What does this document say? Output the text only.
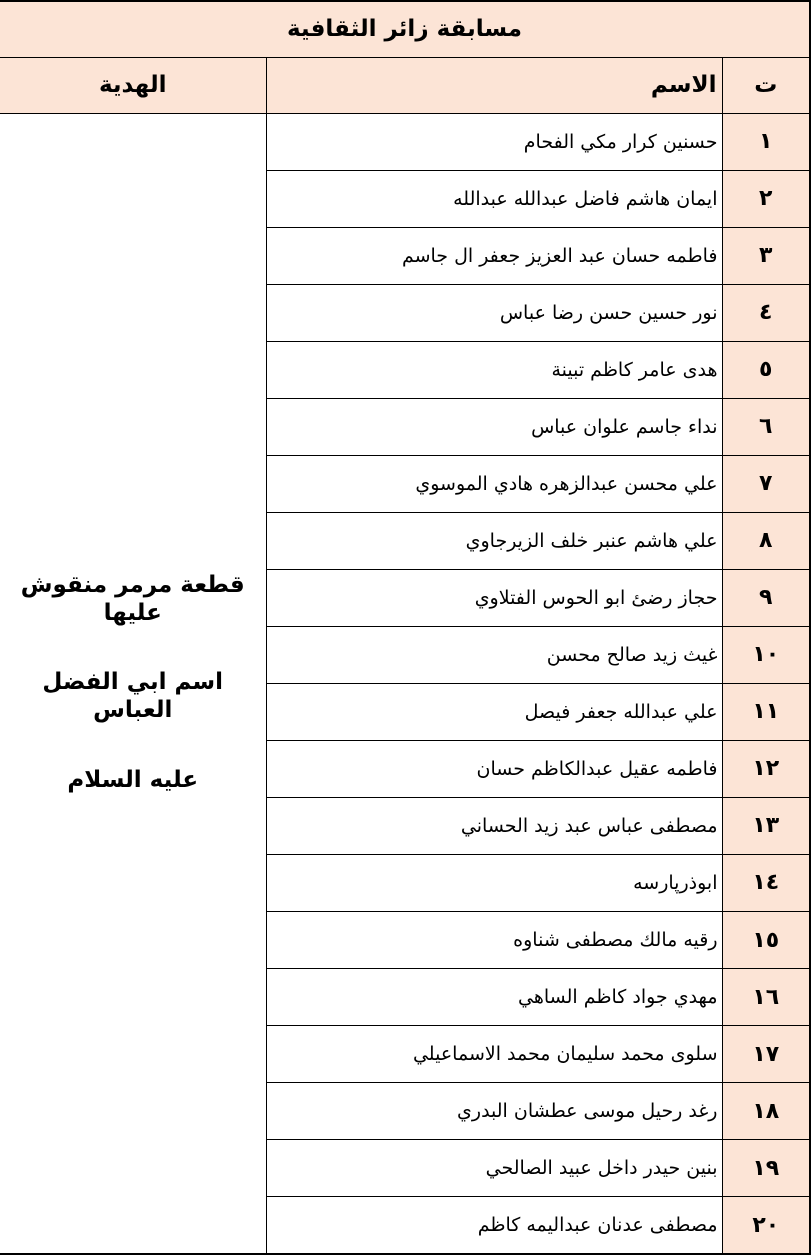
مسابقة زائر الثقافية		
ت	الاسم	الهدية
١	حسنين كرار مكي الفحام	قطعة مرمر منقوش عليها
اسم ابي الفضل العباس
عليه السلام

٢	ايمان هاشم فاضل عبدالله عبدالله	
٣	فاطمه حسان عبد العزيز جعفر ال جاسم	
٤	نور حسين حسن رضا عباس	
٥	هدى عامر كاظم تبينة	
٦	نداء جاسم علوان عباس	
٧	علي محسن عبدالزهره هادي الموسوي	
٨	علي هاشم عنبر خلف الزيرجاوي	
٩	حجاز رضئ ابو الحوس الفتلاوي	
١٠	غيث زيد صالح محسن	
١١	علي عبدالله جعفر فيصل	
١٢	فاطمه عقيل عبدالكاظم حسان	
١٣	مصطفى عباس عبد زيد الحساني	
١٤	ابوذرپارسه	
١٥	رقيه مالك مصطفى شناوه	
١٦	مهدي جواد كاظم الساهي	
١٧	سلوى محمد سليمان محمد الاسماعيلي	
١٨	رغد رحيل موسى عطشان البدري	
١٩	بنين حيدر داخل عبيد الصالحي	
٢٠	مصطفى عدنان عبداليمه كاظم	
